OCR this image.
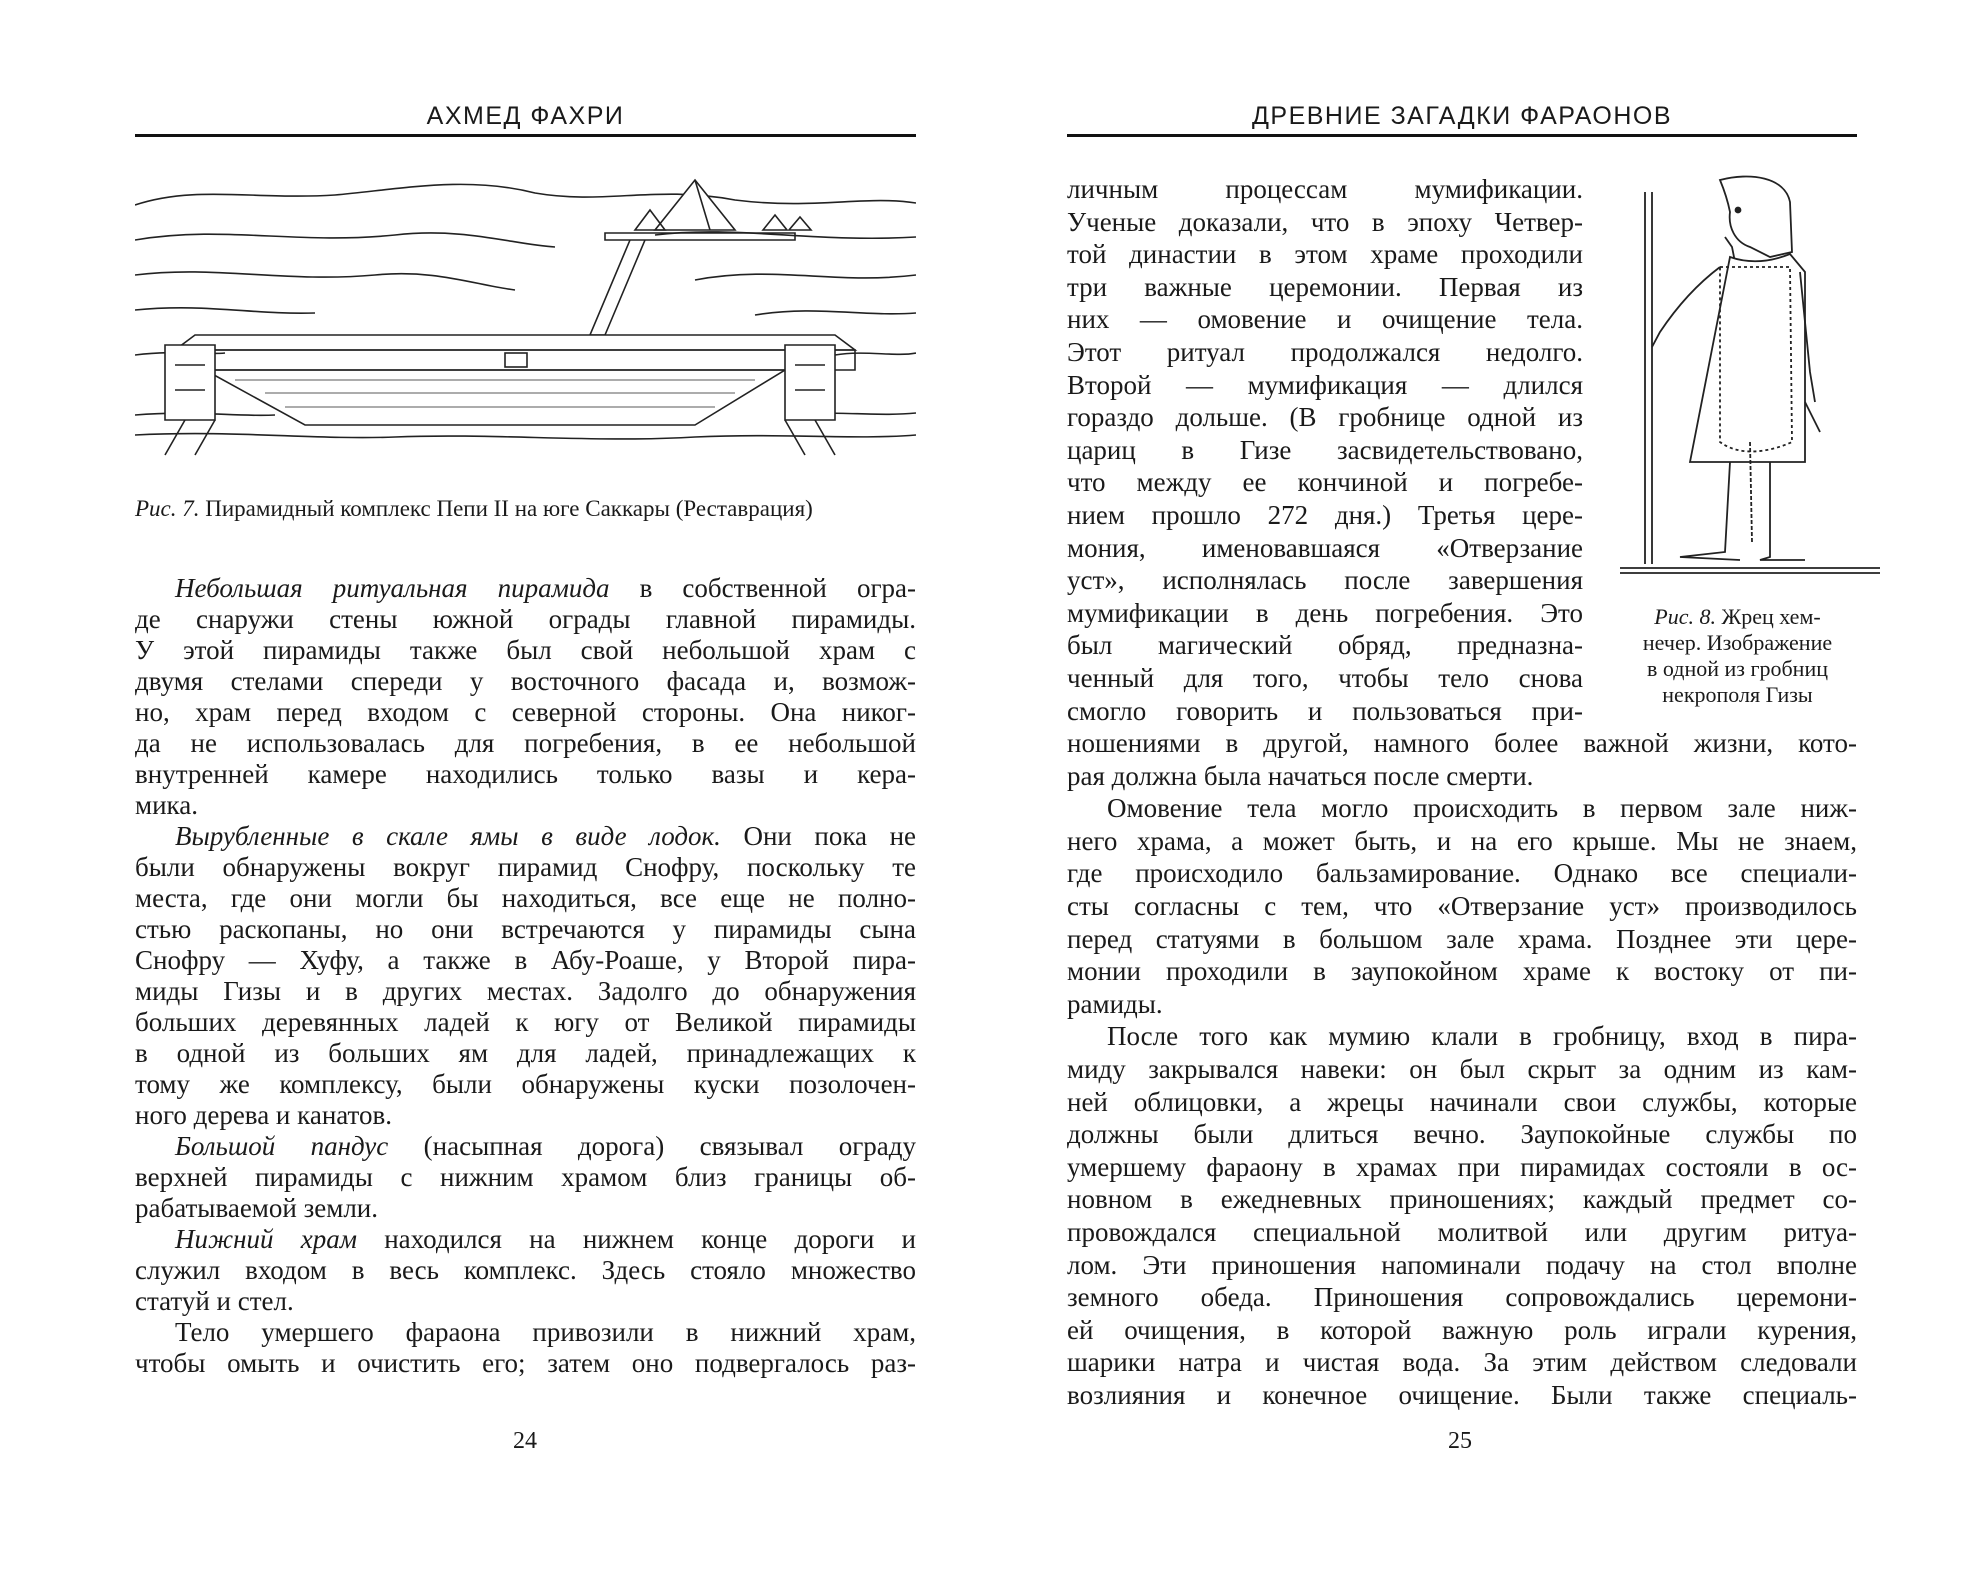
АХМЕД ФАХРИ
Рис. 7. Пирамидный комплекс Пепи II на юге Саккары (Реставрация)
Небольшая ритуальная пирамида в собственной огра-
де снаружи стены южной ограды главной пирамиды.
У этой пирамиды также был свой небольшой храм с
двумя стелами спереди у восточного фасада и, возмож-
но, храм перед входом с северной стороны. Она никог-
да не использовалась для погребения, в ее небольшой
внутренней камере находились только вазы и кера-
мика.
Вырубленные в скале ямы в виде лодок. Они пока не
были обнаружены вокруг пирамид Снофру, поскольку те
места, где они могли бы находиться, все еще не полно-
стью раскопаны, но они встречаются у пирамиды сына
Снофру — Хуфу, а также в Абу-Роаше, у Второй пира-
миды Гизы и в других местах. Задолго до обнаружения
больших деревянных ладей к югу от Великой пирамиды
в одной из больших ям для ладей, принадлежащих к
тому же комплексу, были обнаружены куски позолочен-
ного дерева и канатов.
Большой пандус (насыпная дорога) связывал ограду
верхней пирамиды с нижним храмом близ границы об-
рабатываемой земли.
Нижний храм находился на нижнем конце дороги и
служил входом в весь комплекс. Здесь стояло множество
статуй и стел.
Тело умершего фараона привозили в нижний храм,
чтобы омыть и очистить его; затем оно подвергалось раз-
24
ДРЕВНИЕ ЗАГАДКИ ФАРАОНОВ
личным процессам мумификации.
Ученые доказали, что в эпоху Четвер-
той династии в этом храме проходили
три важные церемонии. Первая из
них — омовение и очищение тела.
Этот ритуал продолжался недолго.
Второй — мумификация — длился
гораздо дольше. (В гробнице одной из
цариц в Гизе засвидетельствовано,
что между ее кончиной и погребе-
нием прошло 272 дня.) Третья цере-
мония, именовавшаяся «Отверзание
уст», исполнялась после завершения
мумификации в день погребения. Это
был магический обряд, предназна-
ченный для того, чтобы тело снова
смогло говорить и пользоваться при-
ношениями в другой, намного более важной жизни, кото-
рая должна была начаться после смерти.
Омовение тела могло происходить в первом зале ниж-
него храма, а может быть, и на его крыше. Мы не знаем,
где происходило бальзамирование. Однако все специали-
сты согласны с тем, что «Отверзание уст» производилось
перед статуями в большом зале храма. Позднее эти цере-
монии проходили в заупокойном храме к востоку от пи-
рамиды.
После того как мумию клали в гробницу, вход в пира-
миду закрывался навеки: он был скрыт за одним из кам-
ней облицовки, а жрецы начинали свои службы, которые
должны были длиться вечно. Заупокойные службы по
умершему фараону в храмах при пирамидах состояли в ос-
новном в ежедневных приношениях; каждый предмет со-
провождался специальной молитвой или другим ритуа-
лом. Эти приношения напоминали подачу на стол вполне
земного обеда. Приношения сопровождались церемони-
ей очищения, в которой важную роль играли курения,
шарики натра и чистая вода. За этим действом следовали
возлияния и конечное очищение. Были также специаль-
Рис. 8. Жрец хем-
нечер. Изображение
в одной из гробниц
некрополя Гизы
25
